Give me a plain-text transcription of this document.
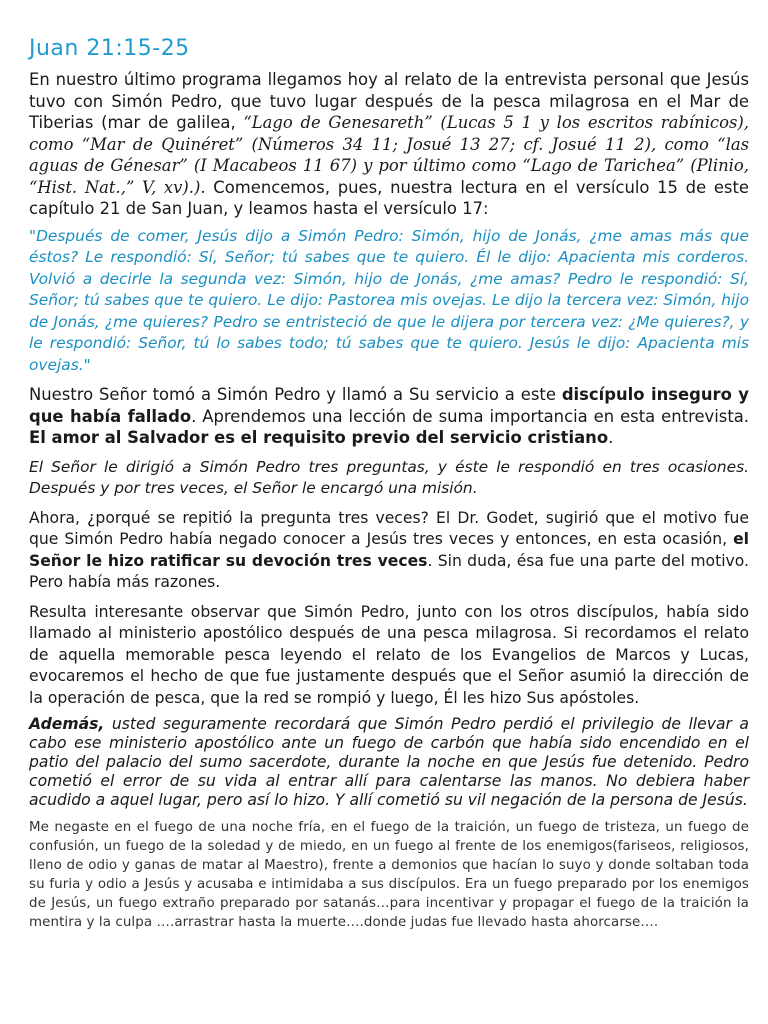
Juan 21:15-25

En nuestro último programa llegamos hoy al relato de la entrevista personal que Jesús tuvo con Simón Pedro, que tuvo lugar después de la pesca milagrosa en el Mar de Tiberias (mar de galilea, “Lago de Genesareth” (Lucas 5 1 y los escritos rabínicos), como “Mar de Quinéret” (Números 34 11; Josué 13 27; cf. Josué 11 2), como “las aguas de Génesar” (I Macabeos 11 67) y por último como “Lago de Tarichea” (Plinio, “Hist. Nat.,” V, xv).). Comencemos, pues, nuestra lectura en el versículo 15 de este capítulo 21 de San Juan, y leamos hasta el versículo 17:

"Después de comer, Jesús dijo a Simón Pedro: Simón, hijo de Jonás, ¿me amas más que éstos? Le respondió: Sí, Señor; tú sabes que te quiero. Él le dijo: Apacienta mis corderos. Volvió a decirle la segunda vez: Simón, hijo de Jonás, ¿me amas? Pedro le respondió: Sí, Señor; tú sabes que te quiero. Le dijo: Pastorea mis ovejas. Le dijo la tercera vez: Simón, hijo de Jonás, ¿me quieres? Pedro se entristeció de que le dijera por tercera vez: ¿Me quieres?, y le respondió: Señor, tú lo sabes todo; tú sabes que te quiero. Jesús le dijo: Apacienta mis ovejas."

Nuestro Señor tomó a Simón Pedro y llamó a Su servicio a este discípulo inseguro y que había fallado. Aprendemos una lección de suma importancia en esta entrevista. El amor al Salvador es el requisito previo del servicio cristiano.

El Señor le dirigió a Simón Pedro tres preguntas, y éste le respondió en tres ocasiones. Después y por tres veces, el Señor le encargó una misión.

Ahora, ¿porqué se repitió la pregunta tres veces? El Dr. Godet, sugirió que el motivo fue que Simón Pedro había negado conocer a Jesús tres veces y entonces, en esta ocasión, el Señor le hizo ratificar su devoción tres veces. Sin duda, ésa fue una parte del motivo. Pero había más razones.

Resulta interesante observar que Simón Pedro, junto con los otros discípulos, había sido llamado al ministerio apostólico después de una pesca milagrosa. Si recordamos el relato de aquella memorable pesca leyendo el relato de los Evangelios de Marcos y Lucas, evocaremos el hecho de que fue justamente después que el Señor asumió la dirección de la operación de pesca, que la red se rompió y luego, Él les hizo Sus apóstoles.

Además, usted seguramente recordará que Simón Pedro perdió el privilegio de llevar a cabo ese ministerio apostólico ante un fuego de carbón que había sido encendido en el patio del palacio del sumo sacerdote, durante la noche en que Jesús fue detenido. Pedro cometió el error de su vida al entrar allí para calentarse las manos. No debiera haber acudido a aquel lugar, pero así lo hizo. Y allí cometió su vil negación de la persona de Jesús.

Me negaste en el fuego de una noche fría, en el fuego de la traición, un fuego de tristeza, un fuego de confusión, un fuego de la soledad y de miedo, en un fuego al frente de los enemigos(fariseos, religiosos, lleno de odio y ganas de matar al Maestro), frente a demonios que hacían lo suyo y donde soltaban toda su furia y odio a Jesús y acusaba e intimidaba a sus discípulos. Era un fuego preparado por los enemigos de Jesús, un fuego extraño preparado por satanás…para incentivar y propagar el fuego de la traición la mentira y la culpa ….arrastrar hasta la muerte….donde judas fue llevado hasta ahorcarse….
